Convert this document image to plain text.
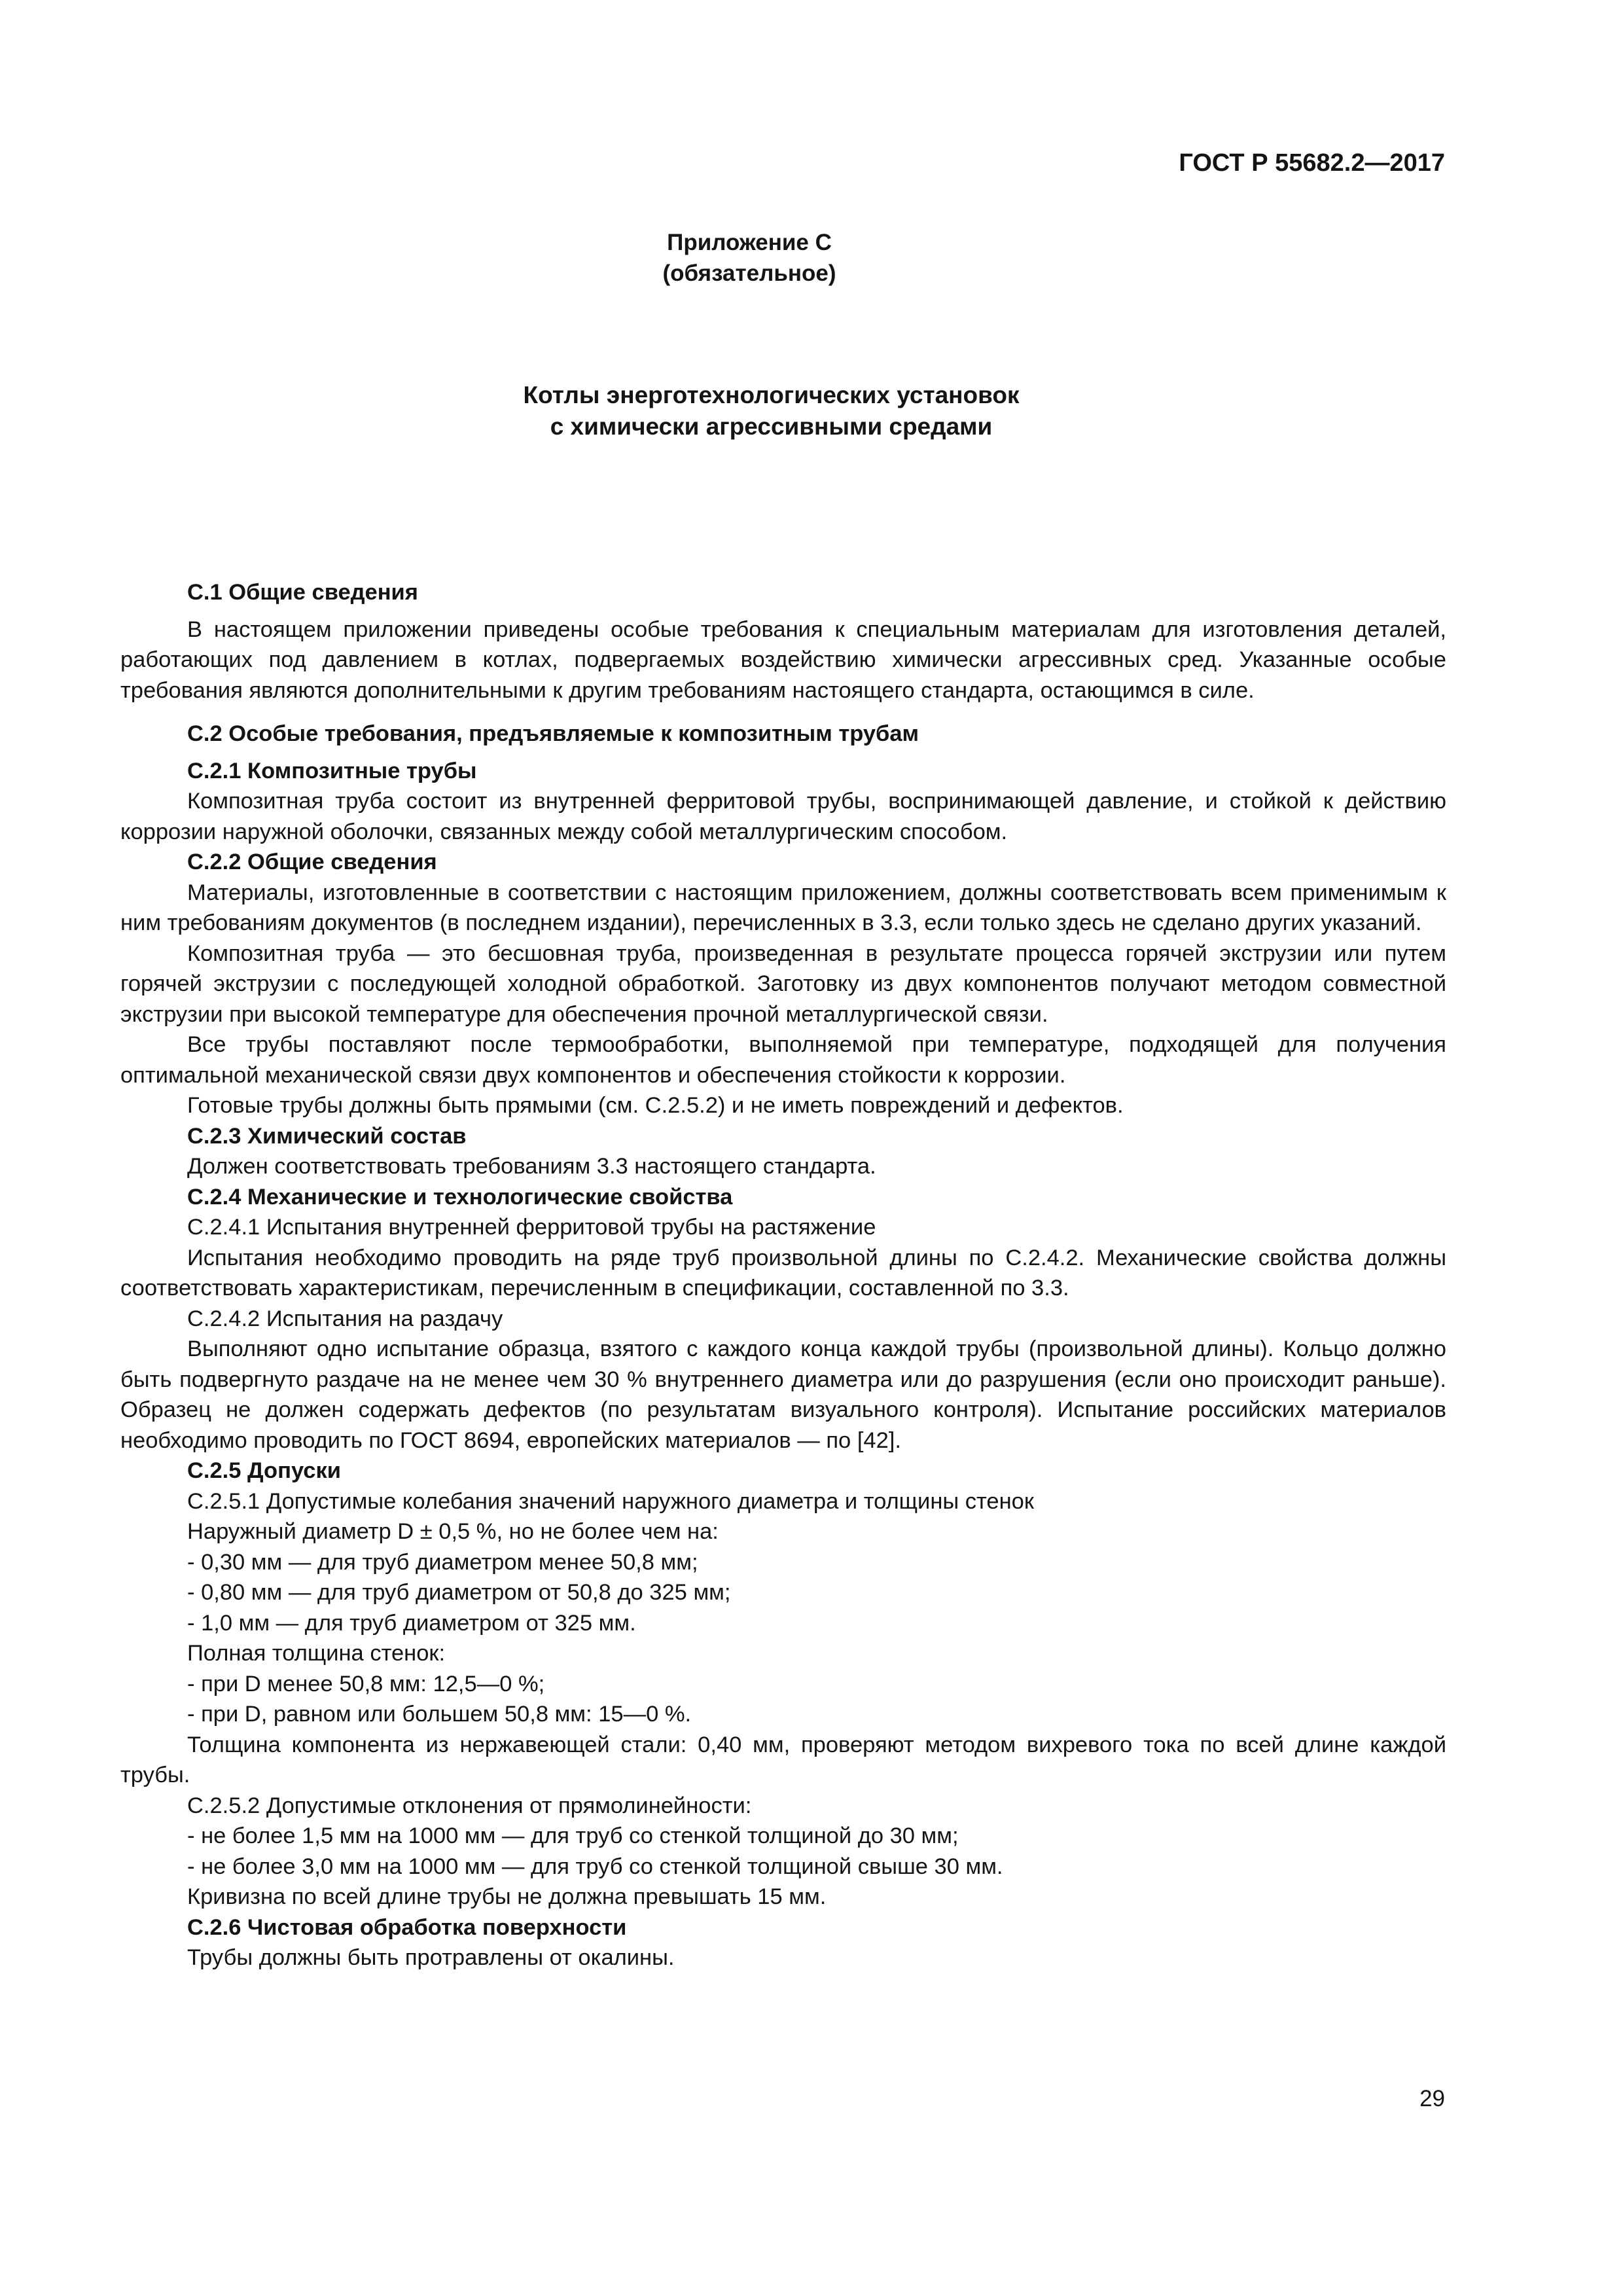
ГОСТ Р 55682.2—2017
Приложение С
(обязательное)
Котлы энерготехнологических установок
с химически агрессивными средами

С.1 Общие сведения

В настоящем приложении приведены особые требования к специальным материалам для изготовления деталей, работающих под давлением в котлах, подвергаемых воздействию химически агрессивных сред. Указанные особые требования являются дополнительными к другим требованиям настоящего стандарта, остающимся в силе.

С.2 Особые требования, предъявляемые к композитным трубам

С.2.1 Композитные трубы

Композитная труба состоит из внутренней ферритовой трубы, воспринимающей давление, и стойкой к действию коррозии наружной оболочки, связанных между собой металлургическим способом.

С.2.2 Общие сведения

Материалы, изготовленные в соответствии с настоящим приложением, должны соответствовать всем применимым к ним требованиям документов (в последнем издании), перечисленных в 3.3, если только здесь не сделано других указаний.

Композитная труба — это бесшовная труба, произведенная в результате процесса горячей экструзии или путем горячей экструзии с последующей холодной обработкой. Заготовку из двух компонентов получают методом совместной экструзии при высокой температуре для обеспечения прочной металлургической связи.

Все трубы поставляют после термообработки, выполняемой при температуре, подходящей для получения оптимальной механической связи двух компонентов и обеспечения стойкости к коррозии.

Готовые трубы должны быть прямыми (см. С.2.5.2) и не иметь повреждений и дефектов.

С.2.3 Химический состав

Должен соответствовать требованиям 3.3 настоящего стандарта.

С.2.4 Механические и технологические свойства

С.2.4.1 Испытания внутренней ферритовой трубы на растяжение

Испытания необходимо проводить на ряде труб произвольной длины по С.2.4.2. Механические свойства должны соответствовать характеристикам, перечисленным в спецификации, составленной по 3.3.

С.2.4.2 Испытания на раздачу

Выполняют одно испытание образца, взятого с каждого конца каждой трубы (произвольной длины). Кольцо должно быть подвергнуто раздаче на не менее чем 30 % внутреннего диаметра или до разрушения (если оно происходит раньше). Образец не должен содержать дефектов (по результатам визуального контроля). Испытание российских материалов необходимо проводить по ГОСТ 8694, европейских материалов — по [42].

С.2.5 Допуски

С.2.5.1 Допустимые колебания значений наружного диаметра и толщины стенок

Наружный диаметр D ± 0,5 %, но не более чем на:

- 0,30 мм — для труб диаметром менее 50,8 мм;

- 0,80 мм — для труб диаметром от 50,8 до 325 мм;

- 1,0 мм — для труб диаметром от 325 мм.

Полная толщина стенок:

- при D менее 50,8 мм: 12,5—0 %;

- при D, равном или большем 50,8 мм: 15—0 %.

Толщина компонента из нержавеющей стали: 0,40 мм, проверяют методом вихревого тока по всей длине каждой трубы.

С.2.5.2 Допустимые отклонения от прямолинейности:

- не более 1,5 мм на 1000 мм — для труб со стенкой толщиной до 30 мм;

- не более 3,0 мм на 1000 мм — для труб со стенкой толщиной свыше 30 мм.

Кривизна по всей длине трубы не должна превышать 15 мм.

С.2.6 Чистовая обработка поверхности

Трубы должны быть протравлены от окалины.

29
